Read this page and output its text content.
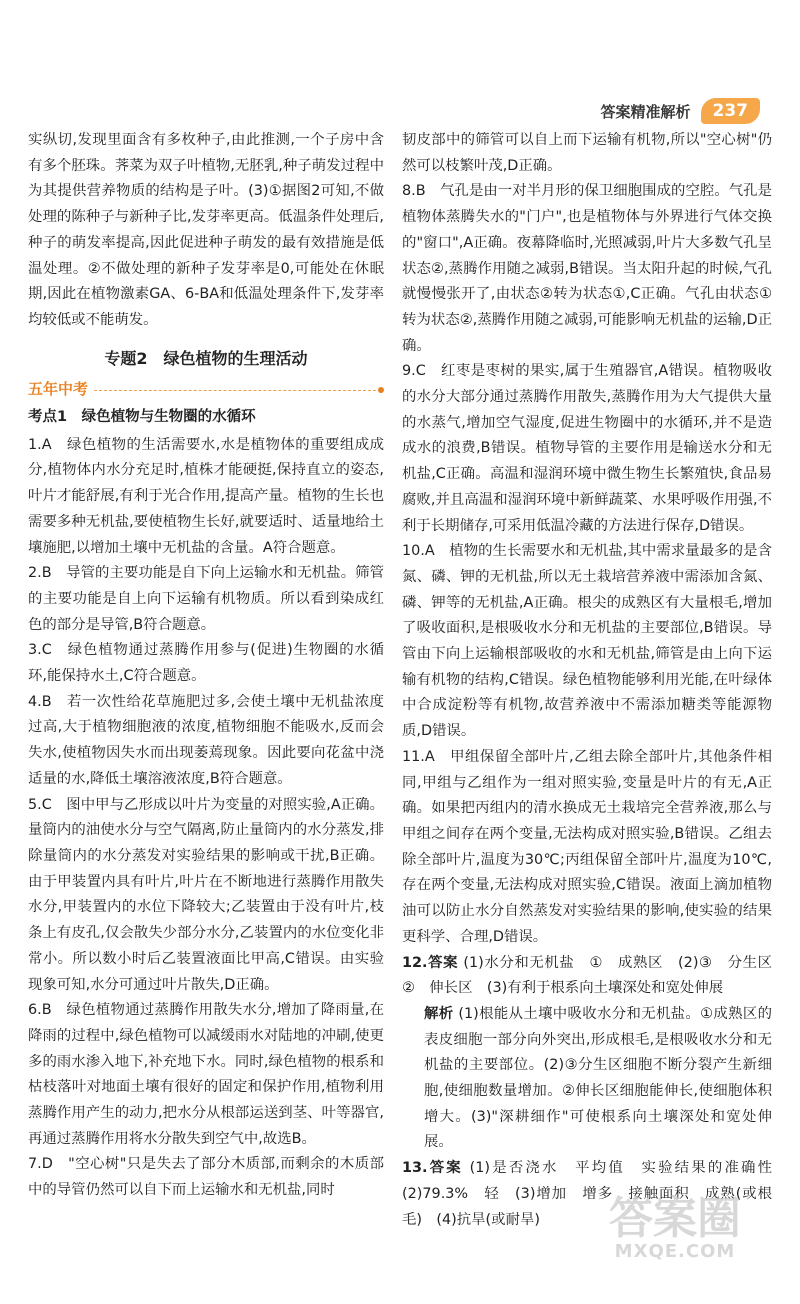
答案精准解析	237

实纵切,发现里面含有多枚种子,由此推测,一个子房中含有多个胚珠。荠菜为双子叶植物,无胚乳,种子萌发过程中为其提供营养物质的结构是子叶。(3)①据图2可知,不做处理的陈种子与新种子比,发芽率更高。低温条件处理后,种子的萌发率提高,因此促进种子萌发的最有效措施是低温处理。②不做处理的新种子发芽率是0,可能处在休眠期,因此在植物激素GA、6-BA和低温处理条件下,发芽率均较低或不能萌发。

专题2　绿色植物的生理活动
五年中考
考点1　绿色植物与生物圈的水循环

1.A　绿色植物的生活需要水,水是植物体的重要组成成分,植物体内水分充足时,植株才能硬挺,保持直立的姿态,叶片才能舒展,有利于光合作用,提高产量。植物的生长也需要多种无机盐,要使植物生长好,就要适时、适量地给土壤施肥,以增加土壤中无机盐的含量。A符合题意。

2.B　导管的主要功能是自下向上运输水和无机盐。筛管的主要功能是自上向下运输有机物质。所以看到染成红色的部分是导管,B符合题意。

3.C　绿色植物通过蒸腾作用参与(促进)生物圈的水循环,能保持水土,C符合题意。

4.B　若一次性给花草施肥过多,会使土壤中无机盐浓度过高,大于植物细胞液的浓度,植物细胞不能吸水,反而会失水,使植物因失水而出现萎蔫现象。因此要向花盆中浇适量的水,降低土壤溶液浓度,B符合题意。

5.C　图中甲与乙形成以叶片为变量的对照实验,A正确。量筒内的油使水分与空气隔离,防止量筒内的水分蒸发,排除量筒内的水分蒸发对实验结果的影响或干扰,B正确。由于甲装置内具有叶片,叶片在不断地进行蒸腾作用散失水分,甲装置内的水位下降较大;乙装置由于没有叶片,枝条上有皮孔,仅会散失少部分水分,乙装置内的水位变化非常小。所以数小时后乙装置液面比甲高,C错误。由实验现象可知,水分可通过叶片散失,D正确。

6.B　绿色植物通过蒸腾作用散失水分,增加了降雨量,在降雨的过程中,绿色植物可以减缓雨水对陆地的冲刷,使更多的雨水渗入地下,补充地下水。同时,绿色植物的根系和枯枝落叶对地面土壤有很好的固定和保护作用,植物利用蒸腾作用产生的动力,把水分从根部运送到茎、叶等器官,再通过蒸腾作用将水分散失到空气中,故选B。

7.D　"空心树"只是失去了部分木质部,而剩余的木质部中的导管仍然可以自下而上运输水和无机盐,同时

韧皮部中的筛管可以自上而下运输有机物,所以"空心树"仍然可以枝繁叶茂,D正确。

8.B　气孔是由一对半月形的保卫细胞围成的空腔。气孔是植物体蒸腾失水的"门户",也是植物体与外界进行气体交换的"窗口",A正确。夜幕降临时,光照减弱,叶片大多数气孔呈状态②,蒸腾作用随之减弱,B错误。当太阳升起的时候,气孔就慢慢张开了,由状态②转为状态①,C正确。气孔由状态①转为状态②,蒸腾作用随之减弱,可能影响无机盐的运输,D正确。

9.C　红枣是枣树的果实,属于生殖器官,A错误。植物吸收的水分大部分通过蒸腾作用散失,蒸腾作用为大气提供大量的水蒸气,增加空气湿度,促进生物圈中的水循环,并不是造成水的浪费,B错误。植物导管的主要作用是输送水分和无机盐,C正确。高温和湿润环境中微生物生长繁殖快,食品易腐败,并且高温和湿润环境中新鲜蔬菜、水果呼吸作用强,不利于长期储存,可采用低温冷藏的方法进行保存,D错误。

10.A　植物的生长需要水和无机盐,其中需求量最多的是含氮、磷、钾的无机盐,所以无土栽培营养液中需添加含氮、磷、钾等的无机盐,A正确。根尖的成熟区有大量根毛,增加了吸收面积,是根吸收水分和无机盐的主要部位,B错误。导管由下向上运输根部吸收的水和无机盐,筛管是由上向下运输有机物的结构,C错误。绿色植物能够利用光能,在叶绿体中合成淀粉等有机物,故营养液中不需添加糖类等能源物质,D错误。

11.A　甲组保留全部叶片,乙组去除全部叶片,其他条件相同,甲组与乙组作为一组对照实验,变量是叶片的有无,A正确。如果把丙组内的清水换成无土栽培完全营养液,那么与甲组之间存在两个变量,无法构成对照实验,B错误。乙组去除全部叶片,温度为30℃;丙组保留全部叶片,温度为10℃,存在两个变量,无法构成对照实验,C错误。液面上滴加植物油可以防止水分自然蒸发对实验结果的影响,使实验的结果更科学、合理,D错误。

12.答案 (1)水分和无机盐　①　成熟区　(2)③　分生区　②　伸长区　(3)有利于根系向土壤深处和宽处伸展

解析 (1)根能从土壤中吸收水分和无机盐。①成熟区的表皮细胞一部分向外突出,形成根毛,是根吸收水分和无机盐的主要部位。(2)③分生区细胞不断分裂产生新细胞,使细胞数量增加。②伸长区细胞能伸长,使细胞体积增大。(3)"深耕细作"可使根系向土壤深处和宽处伸展。

13.答案 (1)是否浇水　平均值　实验结果的准确性　(2)79.3%　轻　(3)增加　增多　接触面积　成熟(或根毛)　(4)抗旱(或耐旱)	答案圈
MXQE.COM
